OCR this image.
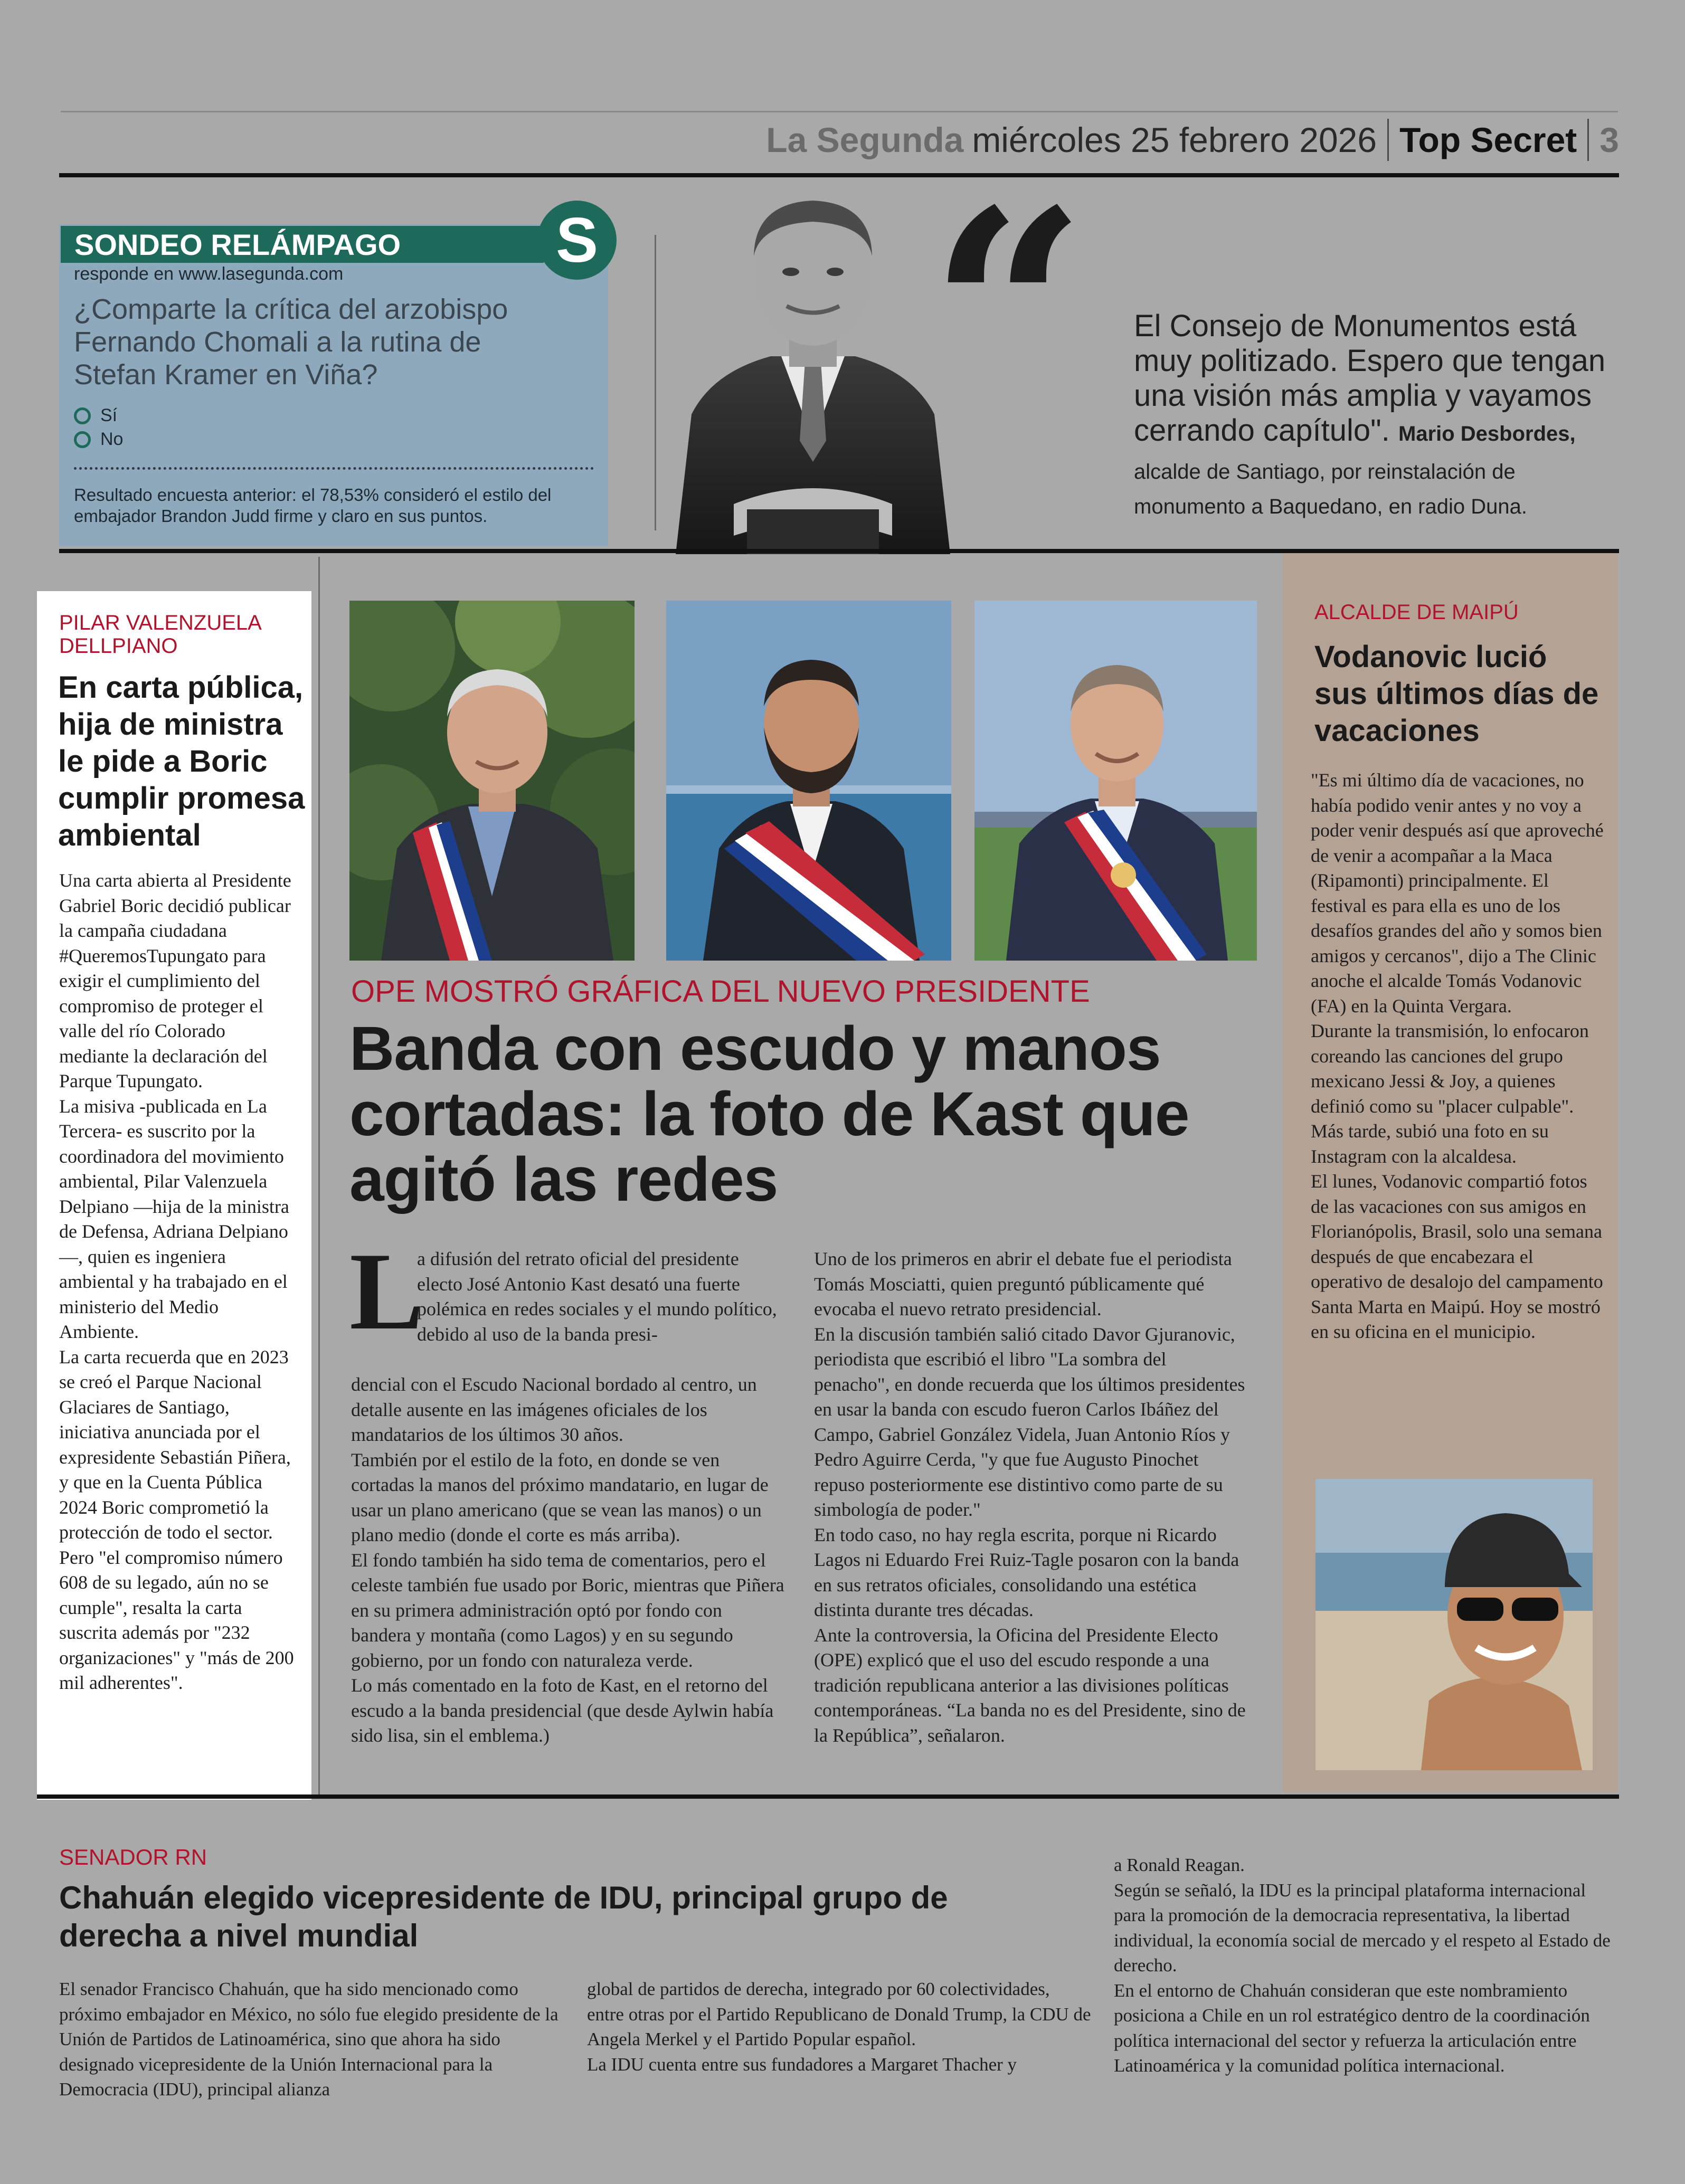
La Segunda miércoles 25 febrero 2026 Top Secret 3
SONDEO RELÁMPAGO	S
responde en www.lasegunda.com
¿Comparte la crítica del arzobispo Fernando Chomali a la rutina de Stefan Kramer en Viña?
Sí
No
Resultado encuesta anterior: el 78,53% consideró el estilo del embajador Brandon Judd firme y claro en sus puntos.
“ El Consejo de Monumentos está muy politizado. Espero que tengan una visión más amplia y vayamos cerrando capítulo". Mario Desbordes, alcalde de Santiago, por reinstalación de monumento a Baquedano, en radio Duna.
PILAR VALENZUELA DELLPIANO
En carta pública, hija de ministra le pide a Boric cumplir promesa ambiental
Una carta abierta al Presidente Gabriel Boric decidió publicar la campaña ciudadana #QueremosTupungato para exigir el cumplimiento del compromiso de proteger el valle del río Colorado mediante la declaración del Parque Tupungato.
La misiva -publicada en La Tercera- es suscrito por la coordinadora del movimiento ambiental, Pilar Valenzuela Delpiano —hija de la ministra de Defensa, Adriana Delpiano—, quien es ingeniera ambiental y ha trabajado en el ministerio del Medio Ambiente.
La carta recuerda que en 2023 se creó el Parque Nacional Glaciares de Santiago, iniciativa anunciada por el expresidente Sebastián Piñera, y que en la Cuenta Pública 2024 Boric comprometió la protección de todo el sector.
Pero "el compromiso número 608 de su legado, aún no se cumple", resalta la carta suscrita además por "232 organizaciones" y "más de 200 mil adherentes".
OPE MOSTRÓ GRÁFICA DEL NUEVO PRESIDENTE
Banda con escudo y manos cortadas: la foto de Kast que agitó las redes
L
a difusión del retrato oficial del presidente electo José Antonio Kast desató una fuerte polémica en redes sociales y el mundo político, debido al uso de la banda presi-
dencial con el Escudo Nacional bordado al centro, un detalle ausente en las imágenes oficiales de los mandatarios de los últimos 30 años.
También por el estilo de la foto, en donde se ven cortadas la manos del próximo mandatario, en lugar de usar un plano americano (que se vean las manos) o un plano medio (donde el corte es más arriba).
El fondo también ha sido tema de comentarios, pero el celeste también fue usado por Boric, mientras que Piñera en su primera administración optó por fondo con bandera y montaña (como Lagos) y en su segundo gobierno, por un fondo con naturaleza verde.
Lo más comentado en la foto de Kast, en el retorno del escudo a la banda presidencial (que desde Aylwin había sido lisa, sin el emblema.)
Uno de los primeros en abrir el debate fue el periodista Tomás Mosciatti, quien preguntó públicamente qué evocaba el nuevo retrato presidencial.
En la discusión también salió citado Davor Gjuranovic, periodista que escribió el libro "La sombra del penacho", en donde recuerda que los últimos presidentes en usar la banda con escudo fueron Carlos Ibáñez del Campo, Gabriel González Videla, Juan Antonio Ríos y Pedro Aguirre Cerda, "y que fue Augusto Pinochet repuso posteriormente ese distintivo como parte de su simbología de poder."
En todo caso, no hay regla escrita, porque ni Ricardo Lagos ni Eduardo Frei Ruiz-Tagle posaron con la banda en sus retratos oficiales, consolidando una estética distinta durante tres décadas.
Ante la controversia, la Oficina del Presidente Electo (OPE) explicó que el uso del escudo responde a una tradición republicana anterior a las divisiones políticas contemporáneas. “La banda no es del Presidente, sino de la República”, señalaron.
ALCALDE DE MAIPÚ
Vodanovic lució sus últimos días de vacaciones
"Es mi último día de vacaciones, no había podido venir antes y no voy a poder venir después así que aproveché de venir a acompañar a la Maca (Ripamonti) principalmente. El festival es para ella es uno de los desafíos grandes del año y somos bien amigos y cercanos", dijo a The Clinic anoche el alcalde Tomás Vodanovic (FA) en la Quinta Vergara.
Durante la transmisión, lo enfocaron coreando las canciones del grupo mexicano Jessi & Joy, a quienes definió como su "placer culpable".
Más tarde, subió una foto en su Instagram con la alcaldesa.
El lunes, Vodanovic compartió fotos de las vacaciones con sus amigos en Florianópolis, Brasil, solo una semana después de que encabezara el operativo de desalojo del campamento Santa Marta en Maipú. Hoy se mostró en su oficina en el municipio.
SENADOR RN
Chahuán elegido vicepresidente de IDU, principal grupo de derecha a nivel mundial
El senador Francisco Chahuán, que ha sido mencionado como próximo embajador en México, no sólo fue elegido presidente de la Unión de Partidos de Latinoamérica, sino que ahora ha sido designado vicepresidente de la Unión Internacional para la Democracia (IDU), principal alianza
global de partidos de derecha, integrado por 60 colectividades, entre otras por el Partido Republicano de Donald Trump, la CDU de Angela Merkel y el Partido Popular español.
La IDU cuenta entre sus fundadores a Margaret Thacher y
a Ronald Reagan.
Según se señaló, la IDU es la principal plataforma internacional para la promoción de la democracia representativa, la libertad individual, la economía social de mercado y el respeto al Estado de derecho.
En el entorno de Chahuán consideran que este nombramiento posiciona a Chile en un rol estratégico dentro de la coordinación política internacional del sector y refuerza la articulación entre Latinoamérica y la comunidad política internacional.
